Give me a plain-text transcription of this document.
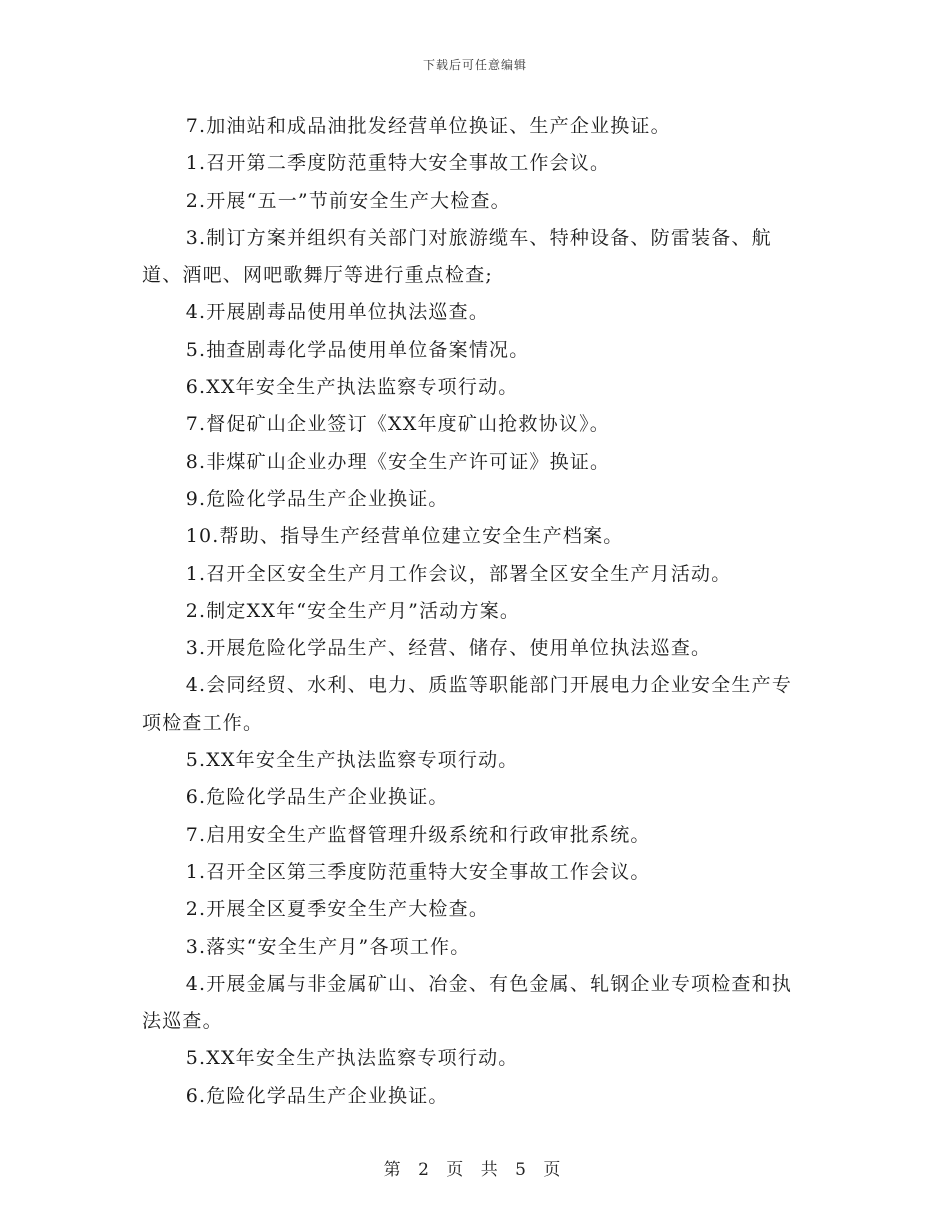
下载后可任意编辑

7.加油站和成品油批发经营单位换证、生产企业换证。

1.召开第二季度防范重特大安全事故工作会议。

2.开展“五一”节前安全生产大检查。

3.制订方案并组织有关部门对旅游缆车、特种设备、防雷装备、航道、酒吧、网吧歌舞厅等进行重点检查;

4.开展剧毒品使用单位执法巡查。

5.抽查剧毒化学品使用单位备案情况。

6.XX年安全生产执法监察专项行动。

7.督促矿山企业签订《XX年度矿山抢救协议》。

8.非煤矿山企业办理《安全生产许可证》换证。

9.危险化学品生产企业换证。

10.帮助、指导生产经营单位建立安全生产档案。

1.召开全区安全生产月工作会议，部署全区安全生产月活动。

2.制定XX年“安全生产月”活动方案。

3.开展危险化学品生产、经营、储存、使用单位执法巡查。

4.会同经贸、水利、电力、质监等职能部门开展电力企业安全生产专项检查工作。

5.XX年安全生产执法监察专项行动。

6.危险化学品生产企业换证。

7.启用安全生产监督管理升级系统和行政审批系统。

1.召开全区第三季度防范重特大安全事故工作会议。

2.开展全区夏季安全生产大检查。

3.落实“安全生产月”各项工作。

4.开展金属与非金属矿山、冶金、有色金属、轧钢企业专项检查和执法巡查。

5.XX年安全生产执法监察专项行动。

6.危险化学品生产企业换证。

第 2 页 共 5 页
